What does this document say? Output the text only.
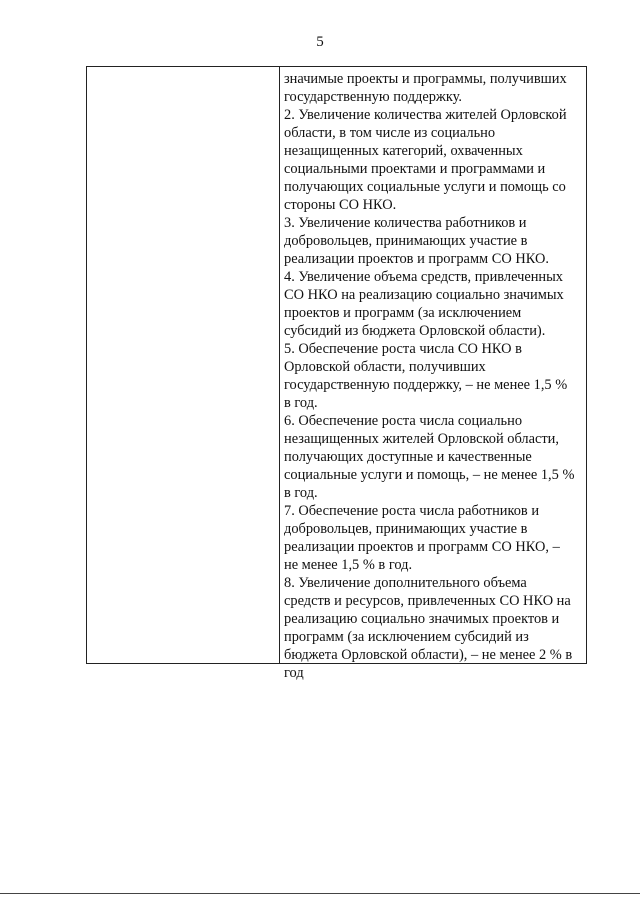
5
значимые проекты и программы, получивших
государственную поддержку.
2. Увеличение количества жителей Орловской
области, в том числе из социально
незащищенных категорий, охваченных
социальными проектами и программами и
получающих социальные услуги и помощь со
стороны СО НКО.
3. Увеличение количества работников и
добровольцев, принимающих участие в
реализации проектов и программ СО НКО.
4. Увеличение объема средств, привлеченных
СО НКО на реализацию социально значимых
проектов и программ (за исключением
субсидий из бюджета Орловской области).
5. Обеспечение роста числа СО НКО в
Орловской области, получивших
государственную поддержку, – не менее 1,5 %
в год.
6. Обеспечение роста числа социально
незащищенных жителей Орловской области,
получающих доступные и качественные
социальные услуги и помощь, – не менее 1,5 %
в год.
7. Обеспечение роста числа работников и
добровольцев, принимающих участие в
реализации проектов и программ СО НКО, –
не менее 1,5 % в год.
8. Увеличение дополнительного объема
средств и ресурсов, привлеченных СО НКО на
реализацию социально значимых проектов и
программ (за исключением субсидий из
бюджета Орловской области), – не менее 2 % в
год
